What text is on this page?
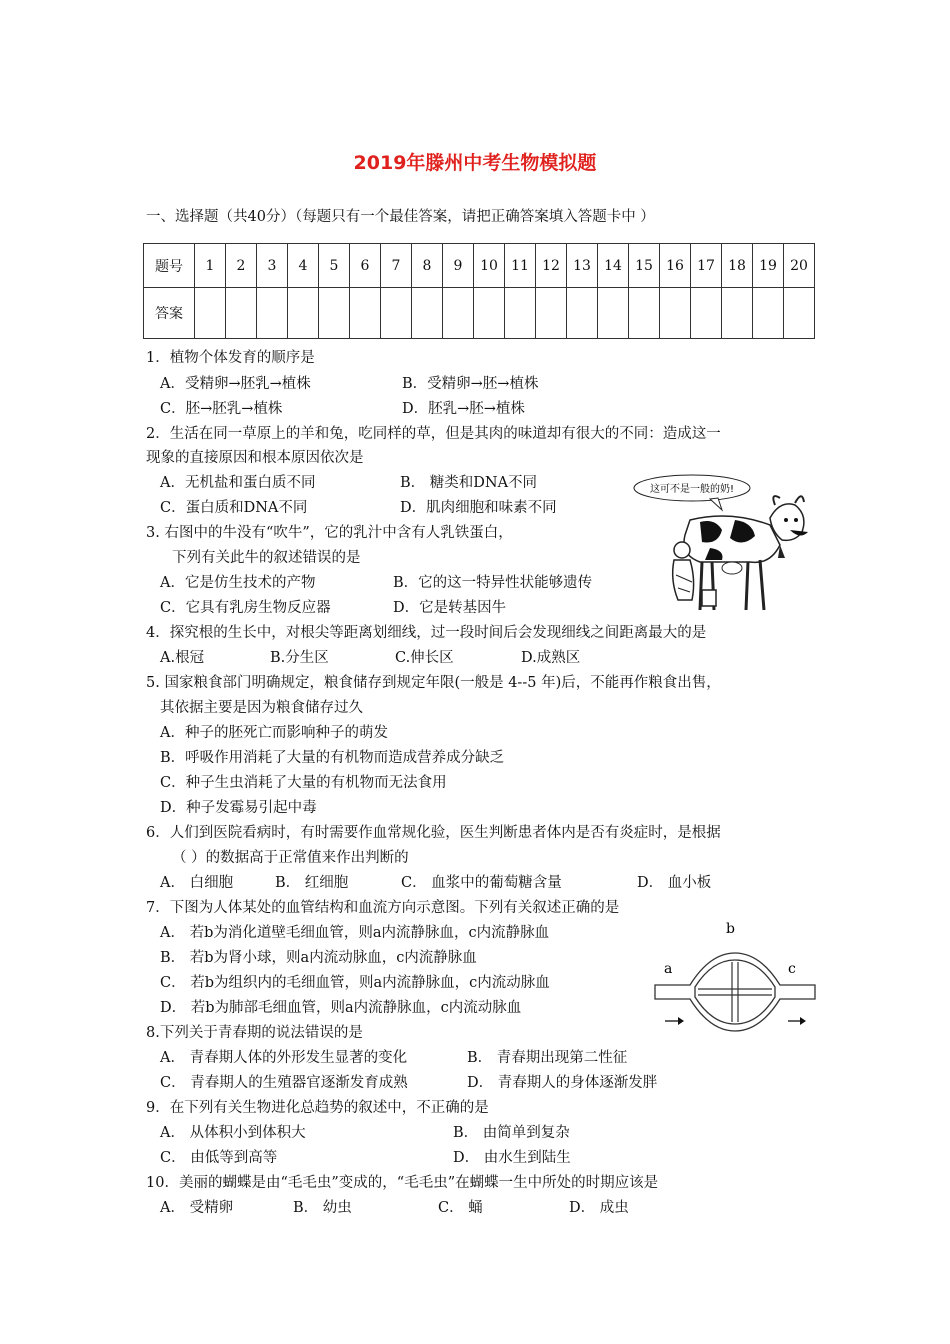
2019年滕州中考生物模拟题
一、选择题（共40分）（每题只有一个最佳答案，请把正确答案填入答题卡中 ）
题号	1	2	3	4	5	6	7	8	9	10	11	12	13	14	15	16	17	18	19	20
答案																				
1．植物个体发育的顺序是
A．受精卵→胚乳→植株	B．受精卵→胚→植株
C．胚→胚乳→植株	D．胚乳→胚→植株
2．生活在同一草原上的羊和兔，吃同样的草，但是其肉的味道却有很大的不同：造成这一
现象的直接原因和根本原因依次是
A．无机盐和蛋白质不同	B． 糖类和DNA不同
C．蛋白质和DNA不同	D．肌肉细胞和味素不同
3. 右图中的牛没有“吹牛”，它的乳汁中含有人乳铁蛋白，
下列有关此牛的叙述错误的是
A．它是仿生技术的产物	B．它的这一特异性状能够遗传
C．它具有乳房生物反应器	D．它是转基因牛
这可不是一般的奶!
4．探究根的生长中，对根尖等距离划细线，过一段时间后会发现细线之间距离最大的是
A.根冠	B.分生区	C.伸长区	D.成熟区
5. 国家粮食部门明确规定，粮食储存到规定年限(一般是 4--5 年)后，不能再作粮食出售，
其依据主要是因为粮食储存过久
A．种子的胚死亡而影响种子的萌发
B．呼吸作用消耗了大量的有机物而造成营养成分缺乏
C．种子生虫消耗了大量的有机物而无法食用
D．种子发霉易引起中毒
6．人们到医院看病时，有时需要作血常规化验，医生判断患者体内是否有炎症时，是根据
（ ）的数据高于正常值来作出判断的
A． 白细胞	B． 红细胞	C． 血浆中的葡萄糖含量	D． 血小板
7．下图为人体某处的血管结构和血流方向示意图。下列有关叙述正确的是
A． 若b为消化道壁毛细血管，则a内流静脉血，c内流静脉血
B． 若b为肾小球，则a内流动脉血，c内流静脉血
C． 若b为组织内的毛细血管，则a内流静脉血，c内流动脉血
D． 若b为肺部毛细血管，则a内流静脉血，c内流动脉血
b
a	c
8.下列关于青春期的说法错误的是
A． 青春期人体的外形发生显著的变化	B． 青春期出现第二性征
C． 青春期人的生殖器官逐渐发育成熟	D． 青春期人的身体逐渐发胖
9．在下列有关生物进化总趋势的叙述中，不正确的是
A． 从体积小到体积大	B． 由简单到复杂
C． 由低等到高等	D． 由水生到陆生
10．美丽的蝴蝶是由“毛毛虫”变成的，“毛毛虫”在蝴蝶一生中所处的时期应该是
A． 受精卵	B． 幼虫	C． 蛹	D． 成虫
